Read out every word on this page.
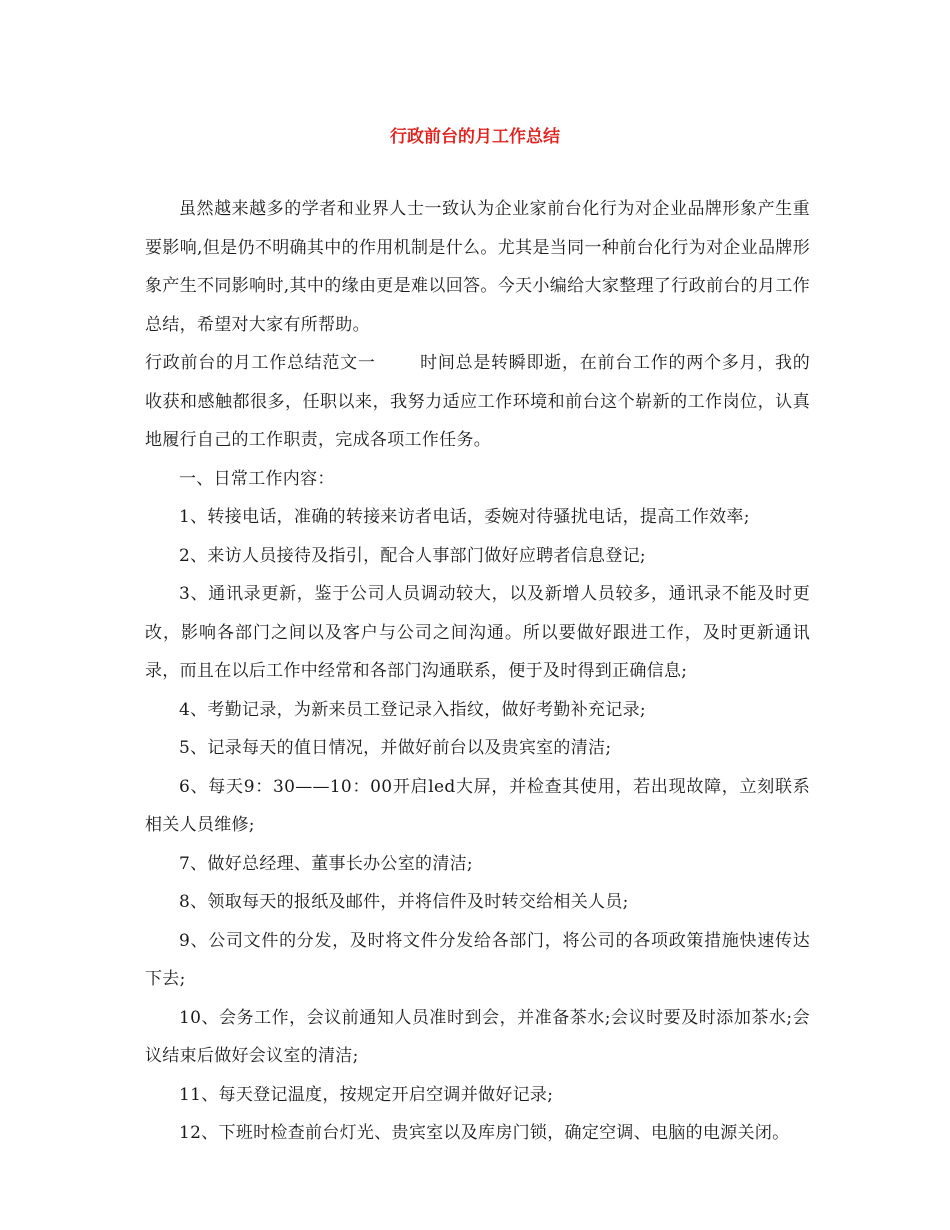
行政前台的月工作总结

虽然越来越多的学者和业界人士一致认为企业家前台化行为对企业品牌形象产生重要影响,但是仍不明确其中的作用机制是什么。尤其是当同一种前台化行为对企业品牌形象产生不同影响时,其中的缘由更是难以回答。今天小编给大家整理了行政前台的月工作总结，希望对大家有所帮助。

行政前台的月工作总结范文一	时间总是转瞬即逝，在前台工作的两个多月，我的收获和感触都很多，任职以来，我努力适应工作环境和前台这个崭新的工作岗位，认真地履行自己的工作职责，完成各项工作任务。

一、日常工作内容：

1、转接电话，准确的转接来访者电话，委婉对待骚扰电话，提高工作效率;

2、来访人员接待及指引，配合人事部门做好应聘者信息登记;

3、通讯录更新，鉴于公司人员调动较大，以及新增人员较多，通讯录不能及时更改，影响各部门之间以及客户与公司之间沟通。所以要做好跟进工作，及时更新通讯录，而且在以后工作中经常和各部门沟通联系，便于及时得到正确信息;

4、考勤记录，为新来员工登记录入指纹，做好考勤补充记录;

5、记录每天的值日情况，并做好前台以及贵宾室的清洁;

6、每天9：30——10：00开启led大屏，并检查其使用，若出现故障，立刻联系相关人员维修;

7、做好总经理、董事长办公室的清洁;

8、领取每天的报纸及邮件，并将信件及时转交给相关人员;

9、公司文件的分发，及时将文件分发给各部门，将公司的各项政策措施快速传达下去;

10、会务工作，会议前通知人员准时到会，并准备茶水;会议时要及时添加茶水;会议结束后做好会议室的清洁;

11、每天登记温度，按规定开启空调并做好记录;

12、下班时检查前台灯光、贵宾室以及库房门锁，确定空调、电脑的电源关闭。
